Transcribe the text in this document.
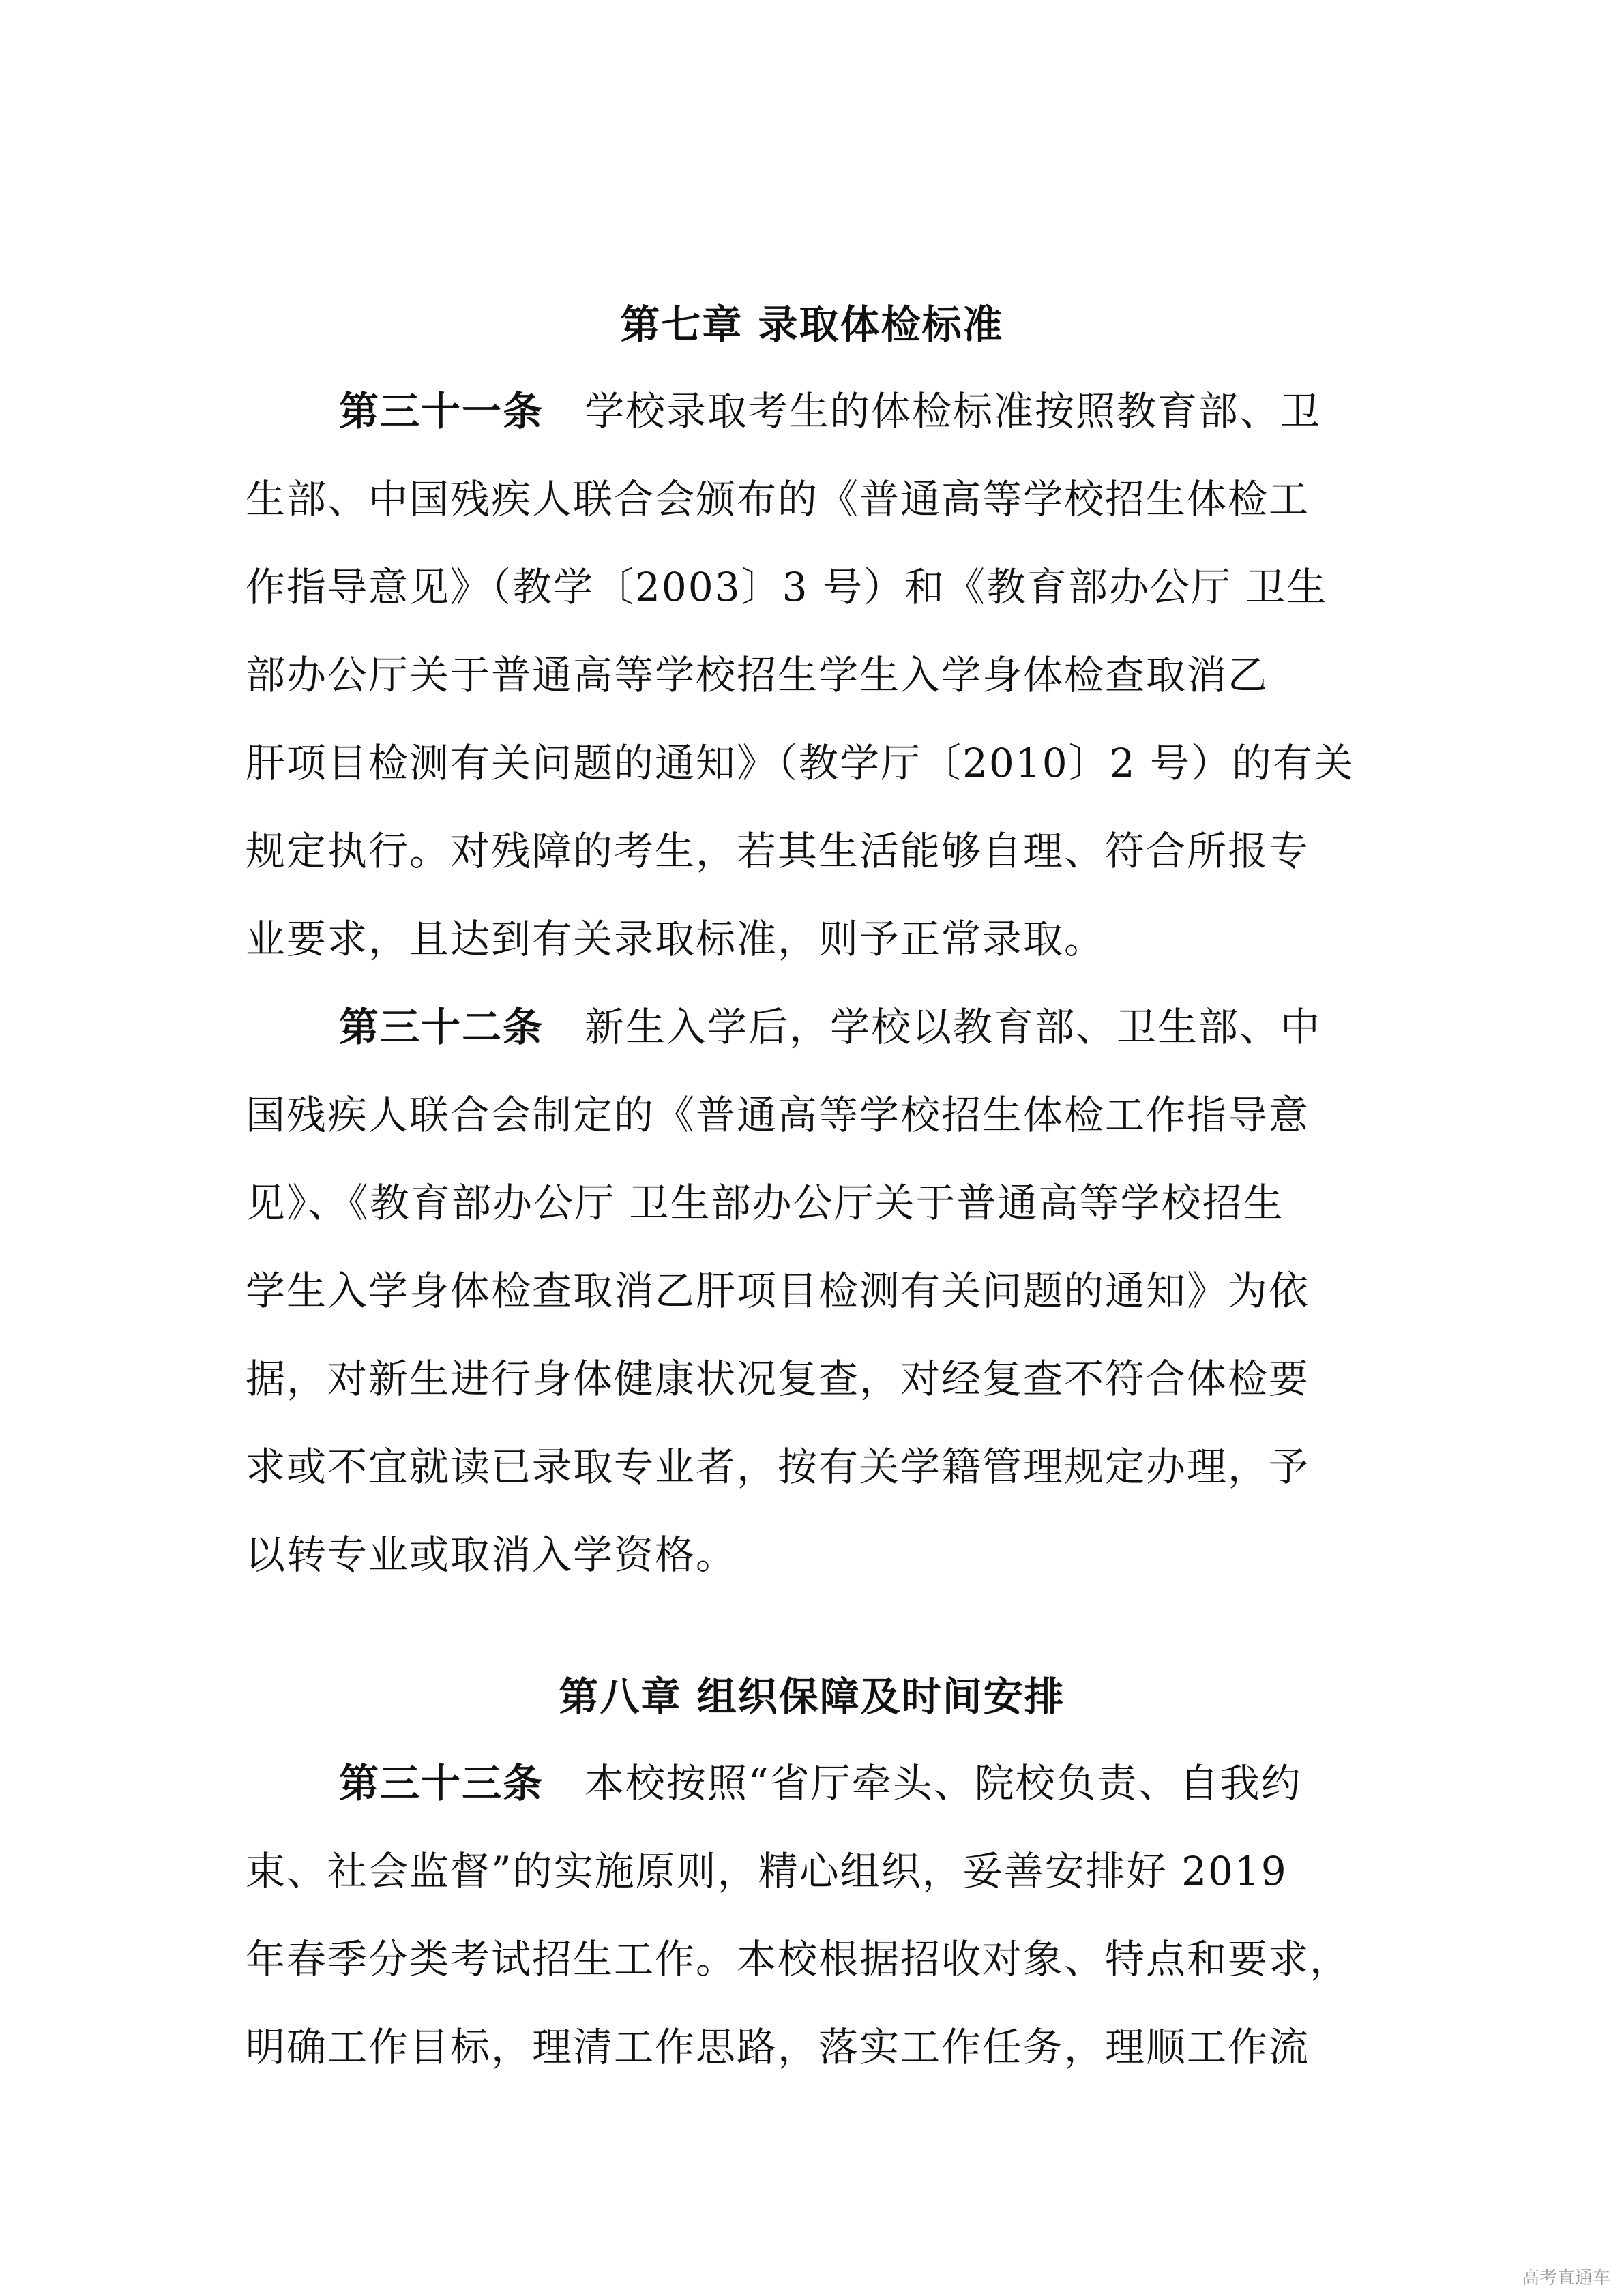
第七章 录取体检标准

第三十一条 学校录取考生的体检标准按照教育部、卫

生部、中国残疾人联合会颁布的《普通高等学校招生体检工

作指导意见》（教学〔2003〕3 号）和《教育部办公厅 卫生

部办公厅关于普通高等学校招生学生入学身体检查取消乙

肝项目检测有关问题的通知》（教学厅〔2010〕2 号）的有关

规定执行。对残障的考生，若其生活能够自理、符合所报专

业要求，且达到有关录取标准，则予正常录取。

第三十二条 新生入学后，学校以教育部、卫生部、中

国残疾人联合会制定的《普通高等学校招生体检工作指导意

见》、《教育部办公厅 卫生部办公厅关于普通高等学校招生

学生入学身体检查取消乙肝项目检测有关问题的通知》为依

据，对新生进行身体健康状况复查，对经复查不符合体检要

求或不宜就读已录取专业者，按有关学籍管理规定办理，予

以转专业或取消入学资格。

第八章 组织保障及时间安排

第三十三条 本校按照“省厅牵头、院校负责、自我约

束、社会监督”的实施原则，精心组织，妥善安排好 2019

年春季分类考试招生工作。本校根据招收对象、特点和要求，

明确工作目标，理清工作思路，落实工作任务，理顺工作流

高考直通车
